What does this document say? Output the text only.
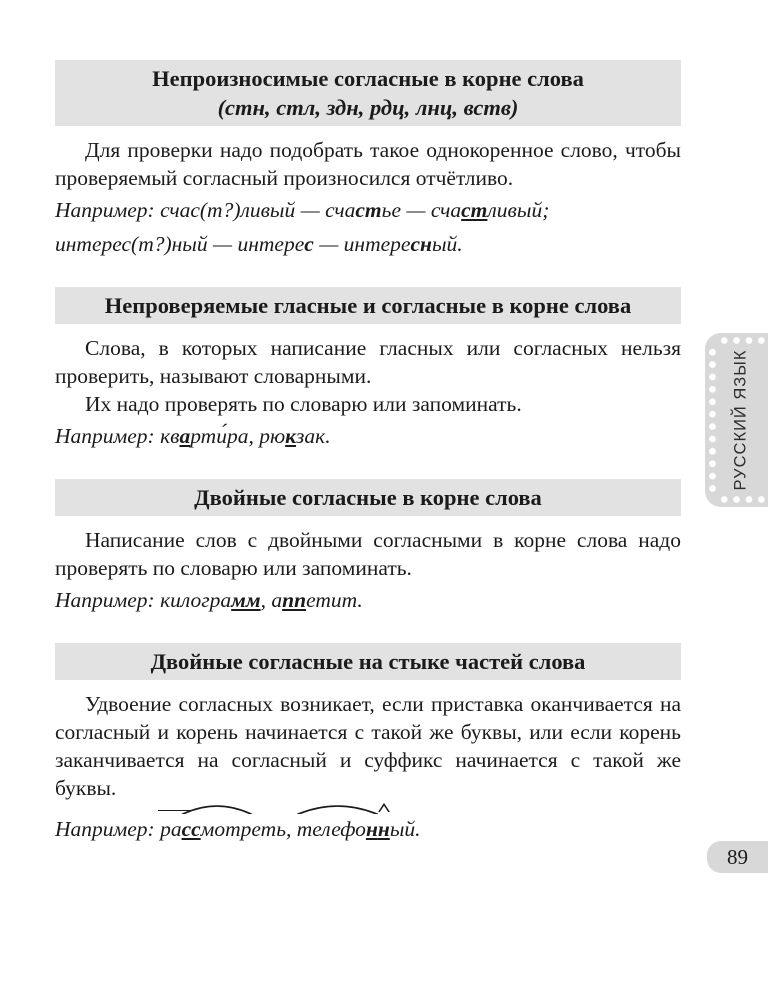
Непроизносимые согласные в корне слова
(стн, стл, здн, рдц, лнц, вств)

Для проверки надо подобрать такое однокоренное слово, чтобы проверяемый согласный произносился отчётливо.

Например: счас(т?)ливый — счастье — счастливый;

интерес(т?)ный — интерес — интересный.

Непроверяемые гласные и согласные в корне слова

Слова, в которых написание гласных или согласных нельзя проверить, называют словарными.

Их надо проверять по словарю или запоминать.

Например: кварти́ра, рюкзак.

Двойные согласные в корне слова

Написание слов с двойными согласными в корне слова надо проверять по словарю или запоминать.

Например: килограмм, аппетит.

Двойные согласные на стыке частей слова

Удвоение согласных возникает, если приставка оканчивается на согласный и корень начинается с такой же буквы, или если корень заканчивается на согласный и суффикс начинается с такой же буквы.

Например: ра
ссмотр
еть, телефон
н
ый.

РУССКИЙ ЯЗЫК
89
